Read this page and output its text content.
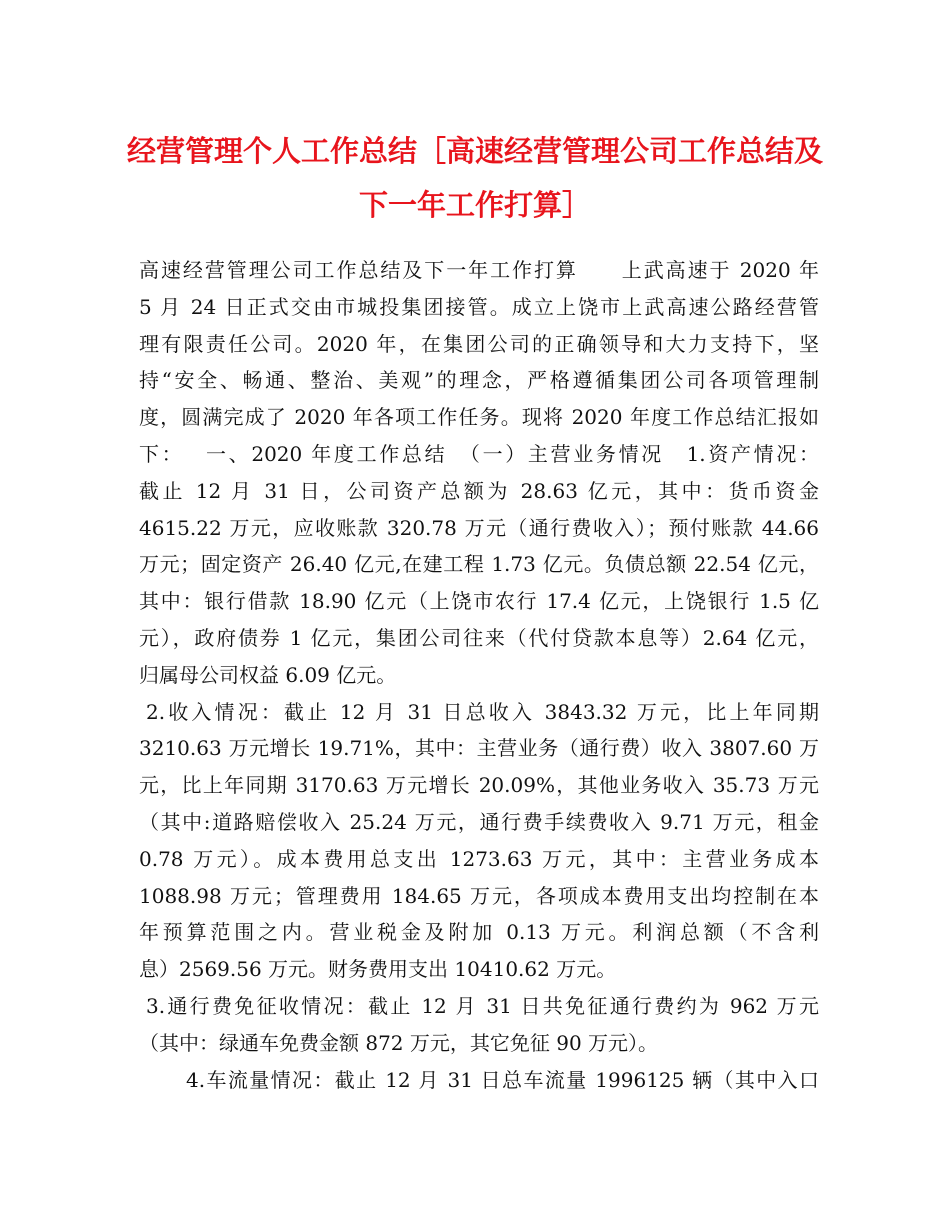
经营管理个人工作总结［高速经营管理公司工作总结及
下一年工作打算］
高速经营管理公司工作总结及下一年工作打算　　上武高速于 2020 年
5 月 24 日正式交由市城投集团接管。成立上饶市上武高速公路经营管
理有限责任公司。2020 年，在集团公司的正确领导和大力支持下，坚
持“安全、畅通、整治、美观”的理念，严格遵循集团公司各项管理制
度，圆满完成了 2020 年各项工作任务。现将 2020 年度工作总结汇报如
下：　 一、2020 年度工作总结　（一）主营业务情况　1.资产情况：
截止 12 月 31 日，公司资产总额为 28.63 亿元，其中：货币资金
4615.22 万元，应收账款 320.78 万元（通行费收入）；预付账款 44.66
万元；固定资产 26.40 亿元,在建工程 1.73 亿元。负债总额 22.54 亿元，
其中：银行借款 18.90 亿元（上饶市农行 17.4 亿元，上饶银行 1.5 亿
元），政府债券 1 亿元，集团公司往来（代付贷款本息等）2.64 亿元，
归属母公司权益 6.09 亿元。
2.收入情况：截止 12 月 31 日总收入 3843.32 万元，比上年同期
3210.63 万元增长 19.71%，其中：主营业务（通行费）收入 3807.60 万
元，比上年同期 3170.63 万元增长 20.09%，其他业务收入 35.73 万元
（其中:道路赔偿收入 25.24 万元，通行费手续费收入 9.71 万元，租金
0.78 万元）。成本费用总支出 1273.63 万元，其中：主营业务成本
1088.98 万元；管理费用 184.65 万元，各项成本费用支出均控制在本
年预算范围之内。营业税金及附加 0.13 万元。利润总额（不含利
息）2569.56 万元。财务费用支出 10410.62 万元。
3.通行费免征收情况：截止 12 月 31 日共免征通行费约为 962 万元
（其中：绿通车免费金额 872 万元，其它免征 90 万元）。
4.车流量情况：截止 12 月 31 日总车流量 1996125 辆（其中入口
